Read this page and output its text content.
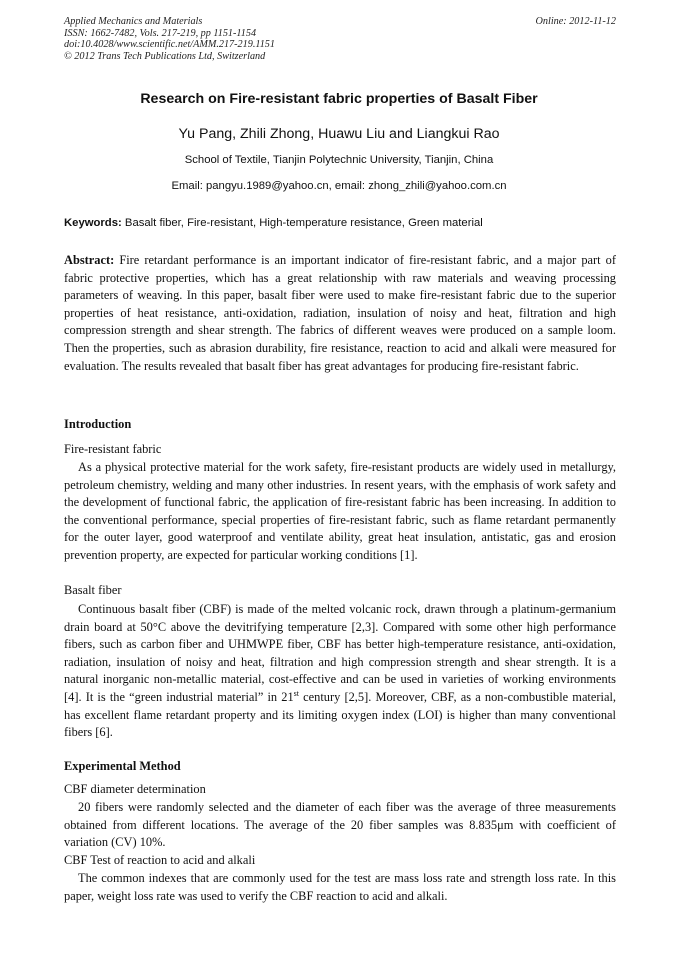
Applied Mechanics and Materials
ISSN: 1662-7482, Vols. 217-219, pp 1151-1154
doi:10.4028/www.scientific.net/AMM.217-219.1151
© 2012 Trans Tech Publications Ltd, Switzerland
Online: 2012-11-12
Research on Fire-resistant fabric properties of Basalt Fiber
Yu Pang, Zhili Zhong, Huawu Liu and Liangkui Rao
School of Textile, Tianjin Polytechnic University, Tianjin, China
Email: pangyu.1989@yahoo.cn, email: zhong_zhili@yahoo.com.cn
Keywords: Basalt fiber, Fire-resistant, High-temperature resistance, Green material
Abstract: Fire retardant performance is an important indicator of fire-resistant fabric, and a major part of fabric protective properties, which has a great relationship with raw materials and weaving processing parameters of weaving. In this paper, basalt fiber were used to make fire-resistant fabric due to the superior properties of heat resistance, anti-oxidation, radiation, insulation of noisy and heat, filtration and high compression strength and shear strength. The fabrics of different weaves were produced on a sample loom. Then the properties, such as abrasion durability, fire resistance, reaction to acid and alkali were measured for evaluation. The results revealed that basalt fiber has great advantages for producing fire-resistant fabric.
Introduction
Fire-resistant fabric
As a physical protective material for the work safety, fire-resistant products are widely used in metallurgy, petroleum chemistry, welding and many other industries. In resent years, with the emphasis of work safety and the development of functional fabric, the application of fire-resistant fabric has been increasing. In addition to the conventional performance, special properties of fire-resistant fabric, such as flame retardant permanently for the outer layer, good waterproof and ventilate ability, great heat insulation, antistatic, gas and erosion prevention property, are expected for particular working conditions [1].
Basalt fiber
Continuous basalt fiber (CBF) is made of the melted volcanic rock, drawn through a platinum-germanium drain board at 50°C above the devitrifying temperature [2,3]. Compared with some other high performance fibers, such as carbon fiber and UHMWPE fiber, CBF has better high-temperature resistance, anti-oxidation, radiation, insulation of noisy and heat, filtration and high compression strength and shear strength. It is a natural inorganic non-metallic material, cost-effective and can be used in varieties of working environments [4]. It is the “green industrial material” in 21st century [2,5]. Moreover, CBF, as a non-combustible material, has excellent flame retardant property and its limiting oxygen index (LOI) is higher than many conventional fibers [6].
Experimental Method
CBF diameter determination
20 fibers were randomly selected and the diameter of each fiber was the average of three measurements obtained from different locations. The average of the 20 fiber samples was 8.835μm with coefficient of variation (CV) 10%.
CBF Test of reaction to acid and alkali
The common indexes that are commonly used for the test are mass loss rate and strength loss rate. In this paper, weight loss rate was used to verify the CBF reaction to acid and alkali.
